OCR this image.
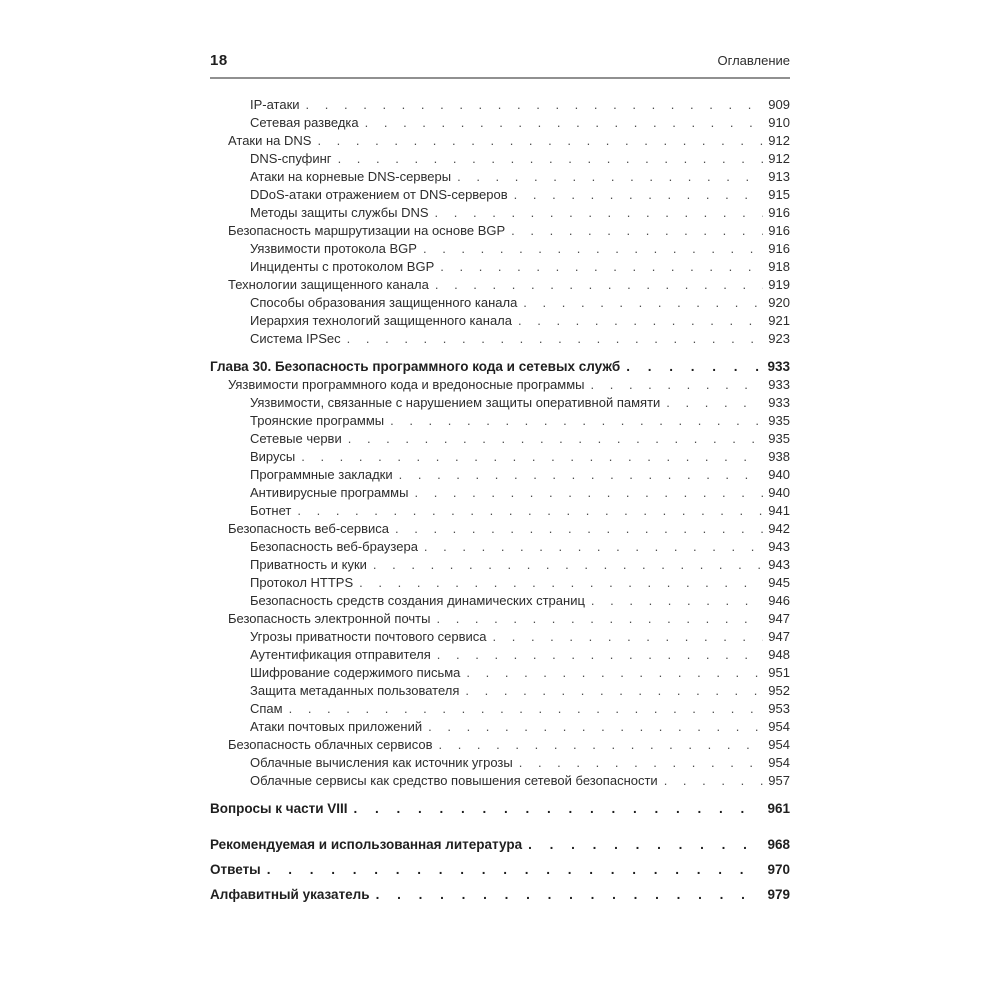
18	Оглавление
IP-атаки . . .	909
Сетевая разведка . . .	910
Атаки на DNS . . .	912
DNS-спуфинг . . .	912
Атаки на корневые DNS-серверы . . .	913
DDoS-атаки отражением от DNS-серверов . . .	915
Методы защиты службы DNS . . .	916
Безопасность маршрутизации на основе BGP . . .	916
Уязвимости протокола BGP . . .	916
Инциденты с протоколом BGP . . .	918
Технологии защищенного канала . . .	919
Способы образования защищенного канала . . .	920
Иерархия технологий защищенного канала . . .	921
Система IPSec . . .	923
Глава 30. Безопасность программного кода и сетевых служб . . .	933
Уязвимости программного кода и вредоносные программы . . .	933
Уязвимости, связанные с нарушением защиты оперативной памяти . . .	933
Троянские программы . . .	935
Сетевые черви . . .	935
Вирусы . . .	938
Программные закладки . . .	940
Антивирусные программы . . .	940
Ботнет . . .	941
Безопасность веб-сервиса . . .	942
Безопасность веб-браузера . . .	943
Приватность и куки . . .	943
Протокол HTTPS . . .	945
Безопасность средств создания динамических страниц . . .	946
Безопасность электронной почты . . .	947
Угрозы приватности почтового сервиса . . .	947
Аутентификация отправителя . . .	948
Шифрование содержимого письма . . .	951
Защита метаданных пользователя . . .	952
Спам . . .	953
Атаки почтовых приложений . . .	954
Безопасность облачных сервисов . . .	954
Облачные вычисления как источник угрозы . . .	954
Облачные сервисы как средство повышения сетевой безопасности . . .	957
Вопросы к части VIII . . .	961
Рекомендуемая и использованная литература . . .	968
Ответы . . .	970
Алфавитный указатель . . .	979
